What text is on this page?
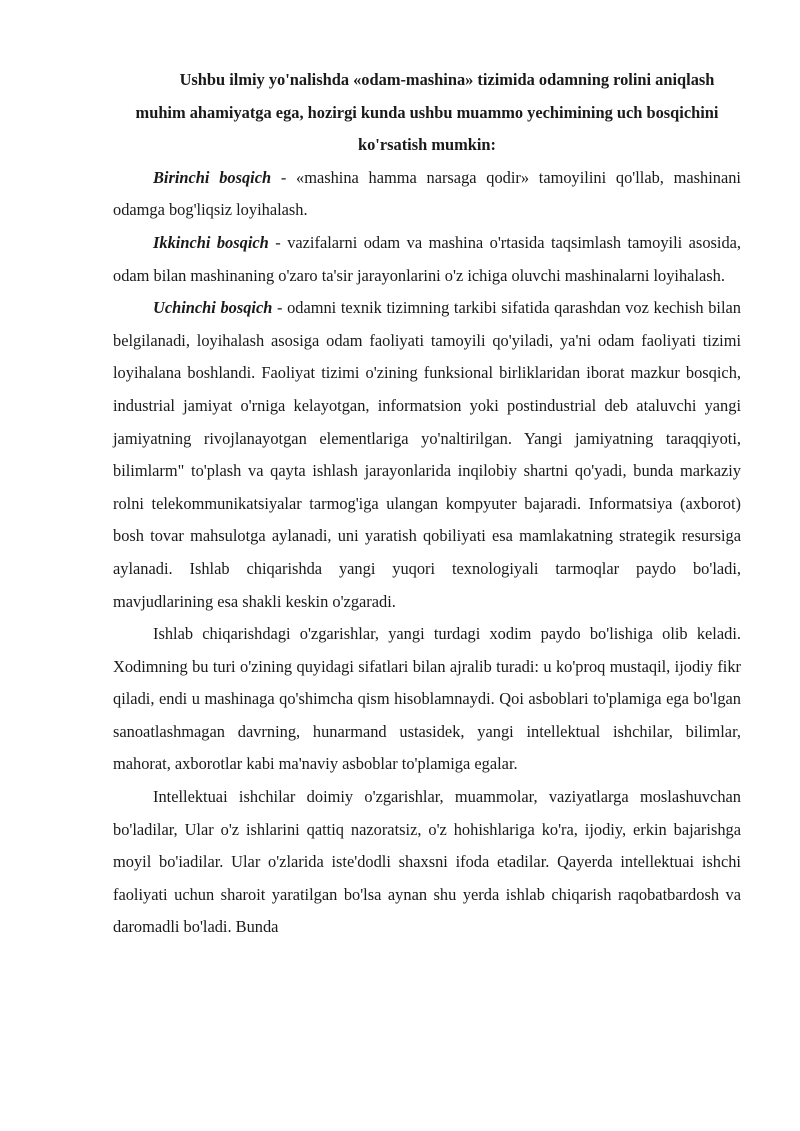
Ushbu ilmiy yo'nalishda «odam-mashina» tizimida odamning rolini aniqlash muhim ahamiyatga ega, hozirgi kunda ushbu muammo yechimining uch bosqichini ko'rsatish mumkin:

Birinchi bosqich - «mashina hamma narsaga qodir» tamoyilini qo'llab, mashinani odamga bog'liqsiz loyihalash.

Ikkinchi bosqich - vazifalarni odam va mashina o'rtasida taqsimlash tamoyili asosida, odam bilan mashinaning o'zaro ta'sir jarayonlarini o'z ichiga oluvchi mashinalarni loyihalash.

Uchinchi bosqich - odamni texnik tizimning tarkibi sifatida qarashdan voz kechish bilan belgilanadi, loyihalash asosiga odam faoliyati tamoyili qo'yiladi, ya'ni odam faoliyati tizimi loyihalana boshlandi. Faoliyat tizimi o'zining funksional birliklaridan iborat mazkur bosqich, industrial jamiyat o'rniga kelayotgan, informatsion yoki postindustrial deb ataluvchi yangi jamiyatning rivojlanayotgan elementlariga yo'naltirilgan. Yangi jamiyatning taraqqiyoti, bilimlarm" to'plash va qayta ishlash jarayonlarida inqilobiy shartni qo'yadi, bunda markaziy rolni telekommunikatsiyalar tarmog'iga ulangan kompyuter bajaradi. Informatsiya (axborot) bosh tovar mahsulotga aylanadi, uni yaratish qobiliyati esa mamlakatning strategik resursiga aylanadi. Ishlab chiqarishda yangi yuqori texnologiyali tarmoqlar paydo bo'ladi, mavjudlarining esa shakli keskin o'zgaradi.

Ishlab chiqarishdagi o'zgarishlar, yangi turdagi xodim paydo bo'lishiga olib keladi. Xodimning bu turi o'zining quyidagi sifatlari bilan ajralib turadi: u ko'proq mustaqil, ijodiy fikr qiladi, endi u mashinaga qo'shimcha qism hisoblamnaydi. Qoi asboblari to'plamiga ega bo'lgan sanoatlashmagan davrning, hunarmand ustasidek, yangi intellektual ishchilar, bilimlar, mahorat, axborotlar kabi ma'naviy asboblar to'plamiga egalar.

Intellektuai ishchilar doimiy o'zgarishlar, muammolar, vaziyatlarga moslashuvchan bo'ladilar, Ular o'z ishlarini qattiq nazoratsiz, o'z hohishlariga ko'ra, ijodiy, erkin bajarishga moyil bo'iadilar. Ular o'zlarida iste'dodli shaxsni ifoda etadilar. Qayerda intellektuai ishchi faoliyati uchun sharoit yaratilgan bo'lsa aynan shu yerda ishlab chiqarish raqobatbardosh va daromadli bo'ladi. Bunda
